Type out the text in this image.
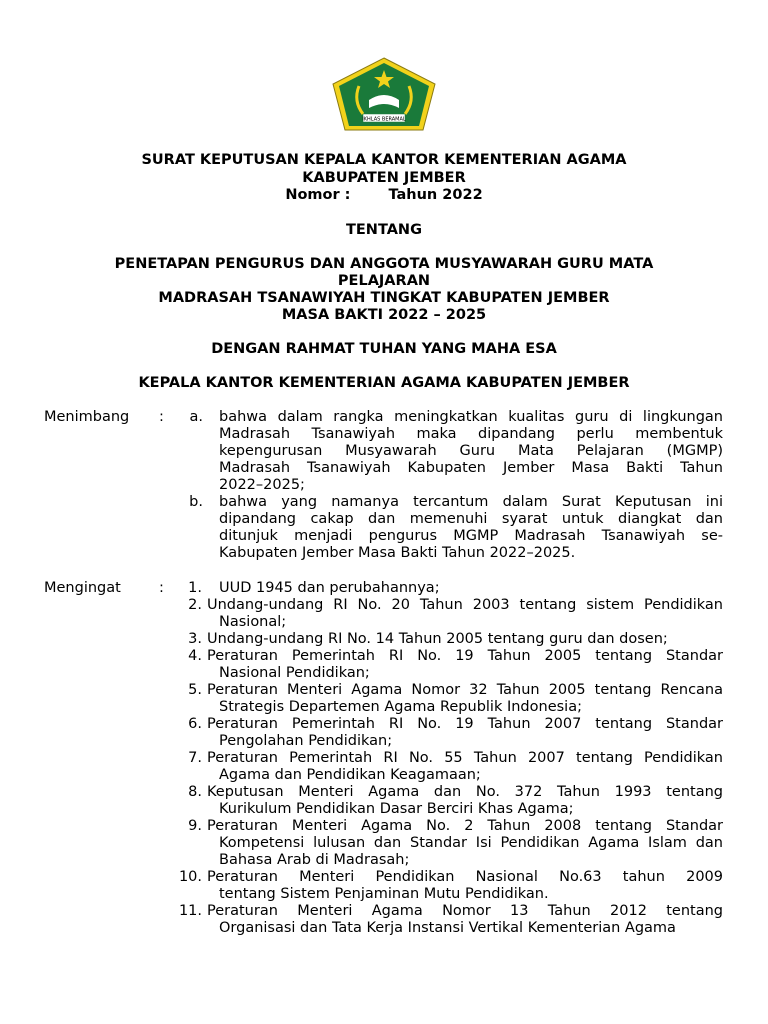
IKHLAS BERAMAL
SURAT KEPUTUSAN KEPALA KANTOR KEMENTERIAN AGAMA
KABUPATEN JEMBER
Nomor :	Tahun 2022
TENTANG
PENETAPAN PENGURUS DAN ANGGOTA MUSYAWARAH GURU MATA
PELAJARAN
MADRASAH TSANAWIYAH TINGKAT KABUPATEN JEMBER
MASA BAKTI 2022 – 2025
DENGAN RAHMAT TUHAN YANG MAHA ESA
KEPALA KANTOR KEMENTERIAN AGAMA KABUPATEN JEMBER
Menimbang :	a. bahwa dalam rangka meningkatkan kualitas guru di lingkungan
Madrasah Tsanawiyah maka dipandang perlu membentuk
kepengurusan Musyawarah Guru Mata Pelajaran (MGMP)
Madrasah Tsanawiyah Kabupaten Jember Masa Bakti Tahun
2022–2025;
b. bahwa yang namanya tercantum dalam Surat Keputusan ini
dipandang cakap dan memenuhi syarat untuk diangkat dan
ditunjuk menjadi pengurus MGMP Madrasah Tsanawiyah se-
Kabupaten Jember Masa Bakti Tahun 2022–2025.
Mengingat	:	1. UUD 1945 dan perubahannya;
2. Undang-undang RI No. 20 Tahun 2003 tentang sistem Pendidikan
Nasional;
3. Undang-undang RI No. 14 Tahun 2005 tentang guru dan dosen;
4. Peraturan Pemerintah RI No. 19 Tahun 2005 tentang Standar
Nasional Pendidikan;
5. Peraturan Menteri Agama Nomor 32 Tahun 2005 tentang Rencana
Strategis Departemen Agama Republik Indonesia;
6. Peraturan Pemerintah RI No. 19 Tahun 2007 tentang Standar
Pengolahan Pendidikan;
7. Peraturan Pemerintah RI No. 55 Tahun 2007 tentang Pendidikan
Agama dan Pendidikan Keagamaan;
8. Keputusan Menteri Agama dan No. 372 Tahun 1993 tentang
Kurikulum Pendidikan Dasar Berciri Khas Agama;
9. Peraturan Menteri Agama No. 2 Tahun 2008 tentang Standar
Kompetensi lulusan dan Standar Isi Pendidikan Agama Islam dan
Bahasa Arab di Madrasah;
10. Peraturan Menteri Pendidikan Nasional No.63 tahun 2009
tentang Sistem Penjaminan Mutu Pendidikan.
11. Peraturan Menteri Agama Nomor 13 Tahun 2012 tentang
Organisasi dan Tata Kerja Instansi Vertikal Kementerian Agama
